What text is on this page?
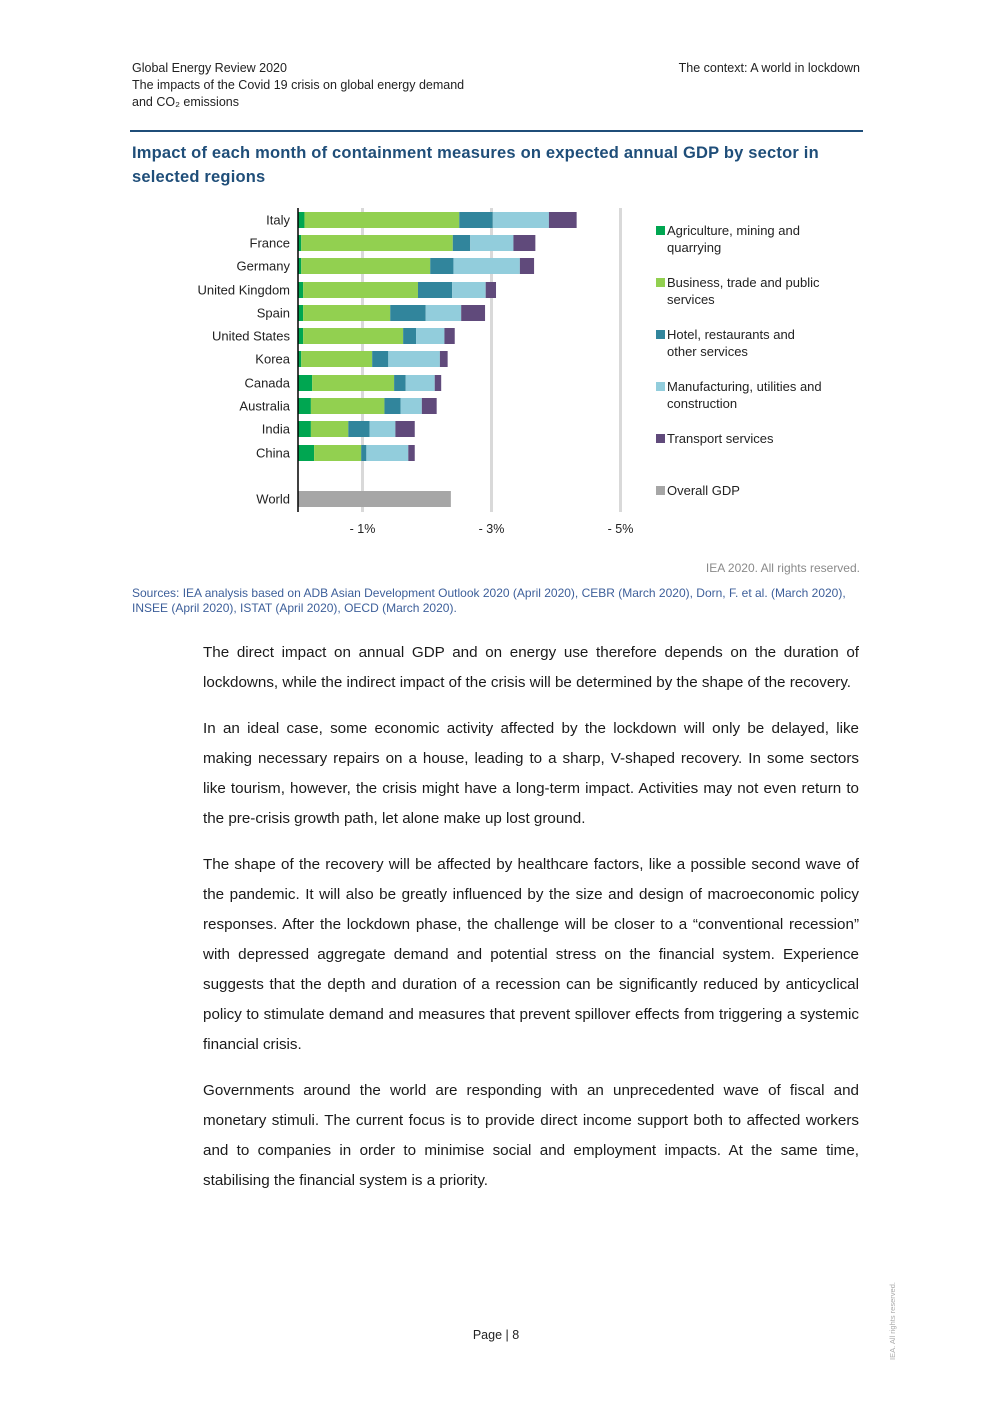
Global Energy Review 2020
The impacts of the Covid 19 crisis on global energy demand
and CO₂ emissions
The context: A world in lockdown
Impact of each month of containment measures on expected annual GDP by sector in selected regions
- 1%	- 3%	- 5%
Italy
France
Germany
United Kingdom
Spain
United States
Korea
Canada
Australia
India
China
World
Agriculture, mining and quarrying
Business, trade and public services
Hotel, restaurants and other services
Manufacturing, utilities and construction
Transport services
Overall GDP
IEA 2020. All rights reserved.
Sources: IEA analysis based on ADB Asian Development Outlook 2020 (April 2020), CEBR (March 2020), Dorn, F. et al. (March 2020), INSEE (April 2020), ISTAT (April 2020), OECD (March 2020).

The direct impact on annual GDP and on energy use therefore depends on the duration of lockdowns, while the indirect impact of the crisis will be determined by the shape of the recovery.

In an ideal case, some economic activity affected by the lockdown will only be delayed, like making necessary repairs on a house, leading to a sharp, V-shaped recovery. In some sectors like tourism, however, the crisis might have a long-term impact. Activities may not even return to the pre-crisis growth path, let alone make up lost ground.

The shape of the recovery will be affected by healthcare factors, like a possible second wave of the pandemic. It will also be greatly influenced by the size and design of macroeconomic policy responses. After the lockdown phase, the challenge will be closer to a “conventional recession” with depressed aggregate demand and potential stress on the financial system. Experience suggests that the depth and duration of a recession can be significantly reduced by anticyclical policy to stimulate demand and measures that prevent spillover effects from triggering a systemic financial crisis.

Governments around the world are responding with an unprecedented wave of fiscal and monetary stimuli. The current focus is to provide direct income support both to affected workers and to companies in order to minimise social and employment impacts. At the same time, stabilising the financial system is a priority.

Page | 8	IEA. All rights reserved.
